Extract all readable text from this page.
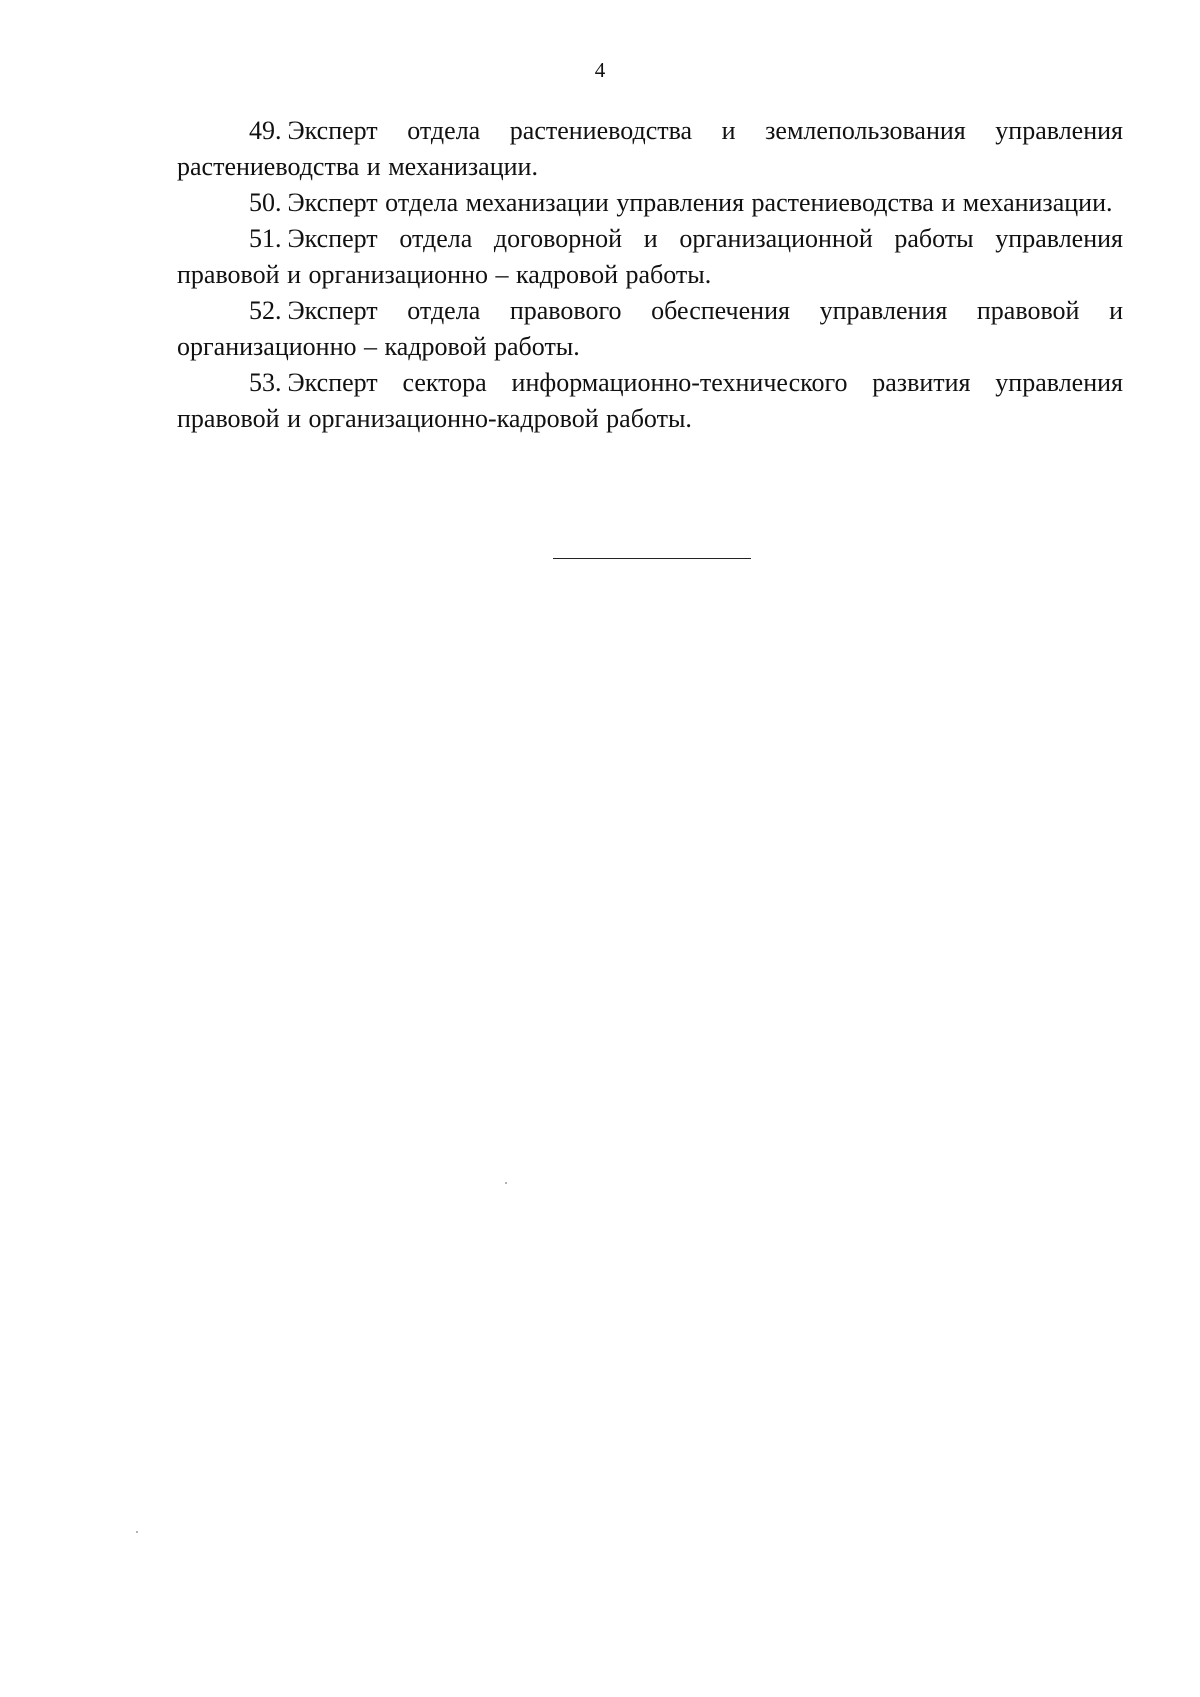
4

49. Эксперт отдела растениеводства и землепользования управления растениеводства и механизации.

50. Эксперт отдела механизации управления растениеводства и механизации.

51. Эксперт отдела договорной и организационной работы управления правовой и организационно – кадровой работы.

52. Эксперт отдела правового обеспечения управления правовой и организационно – кадровой работы.

53. Эксперт сектора информационно-технического развития управления правовой и организационно-кадровой работы.
